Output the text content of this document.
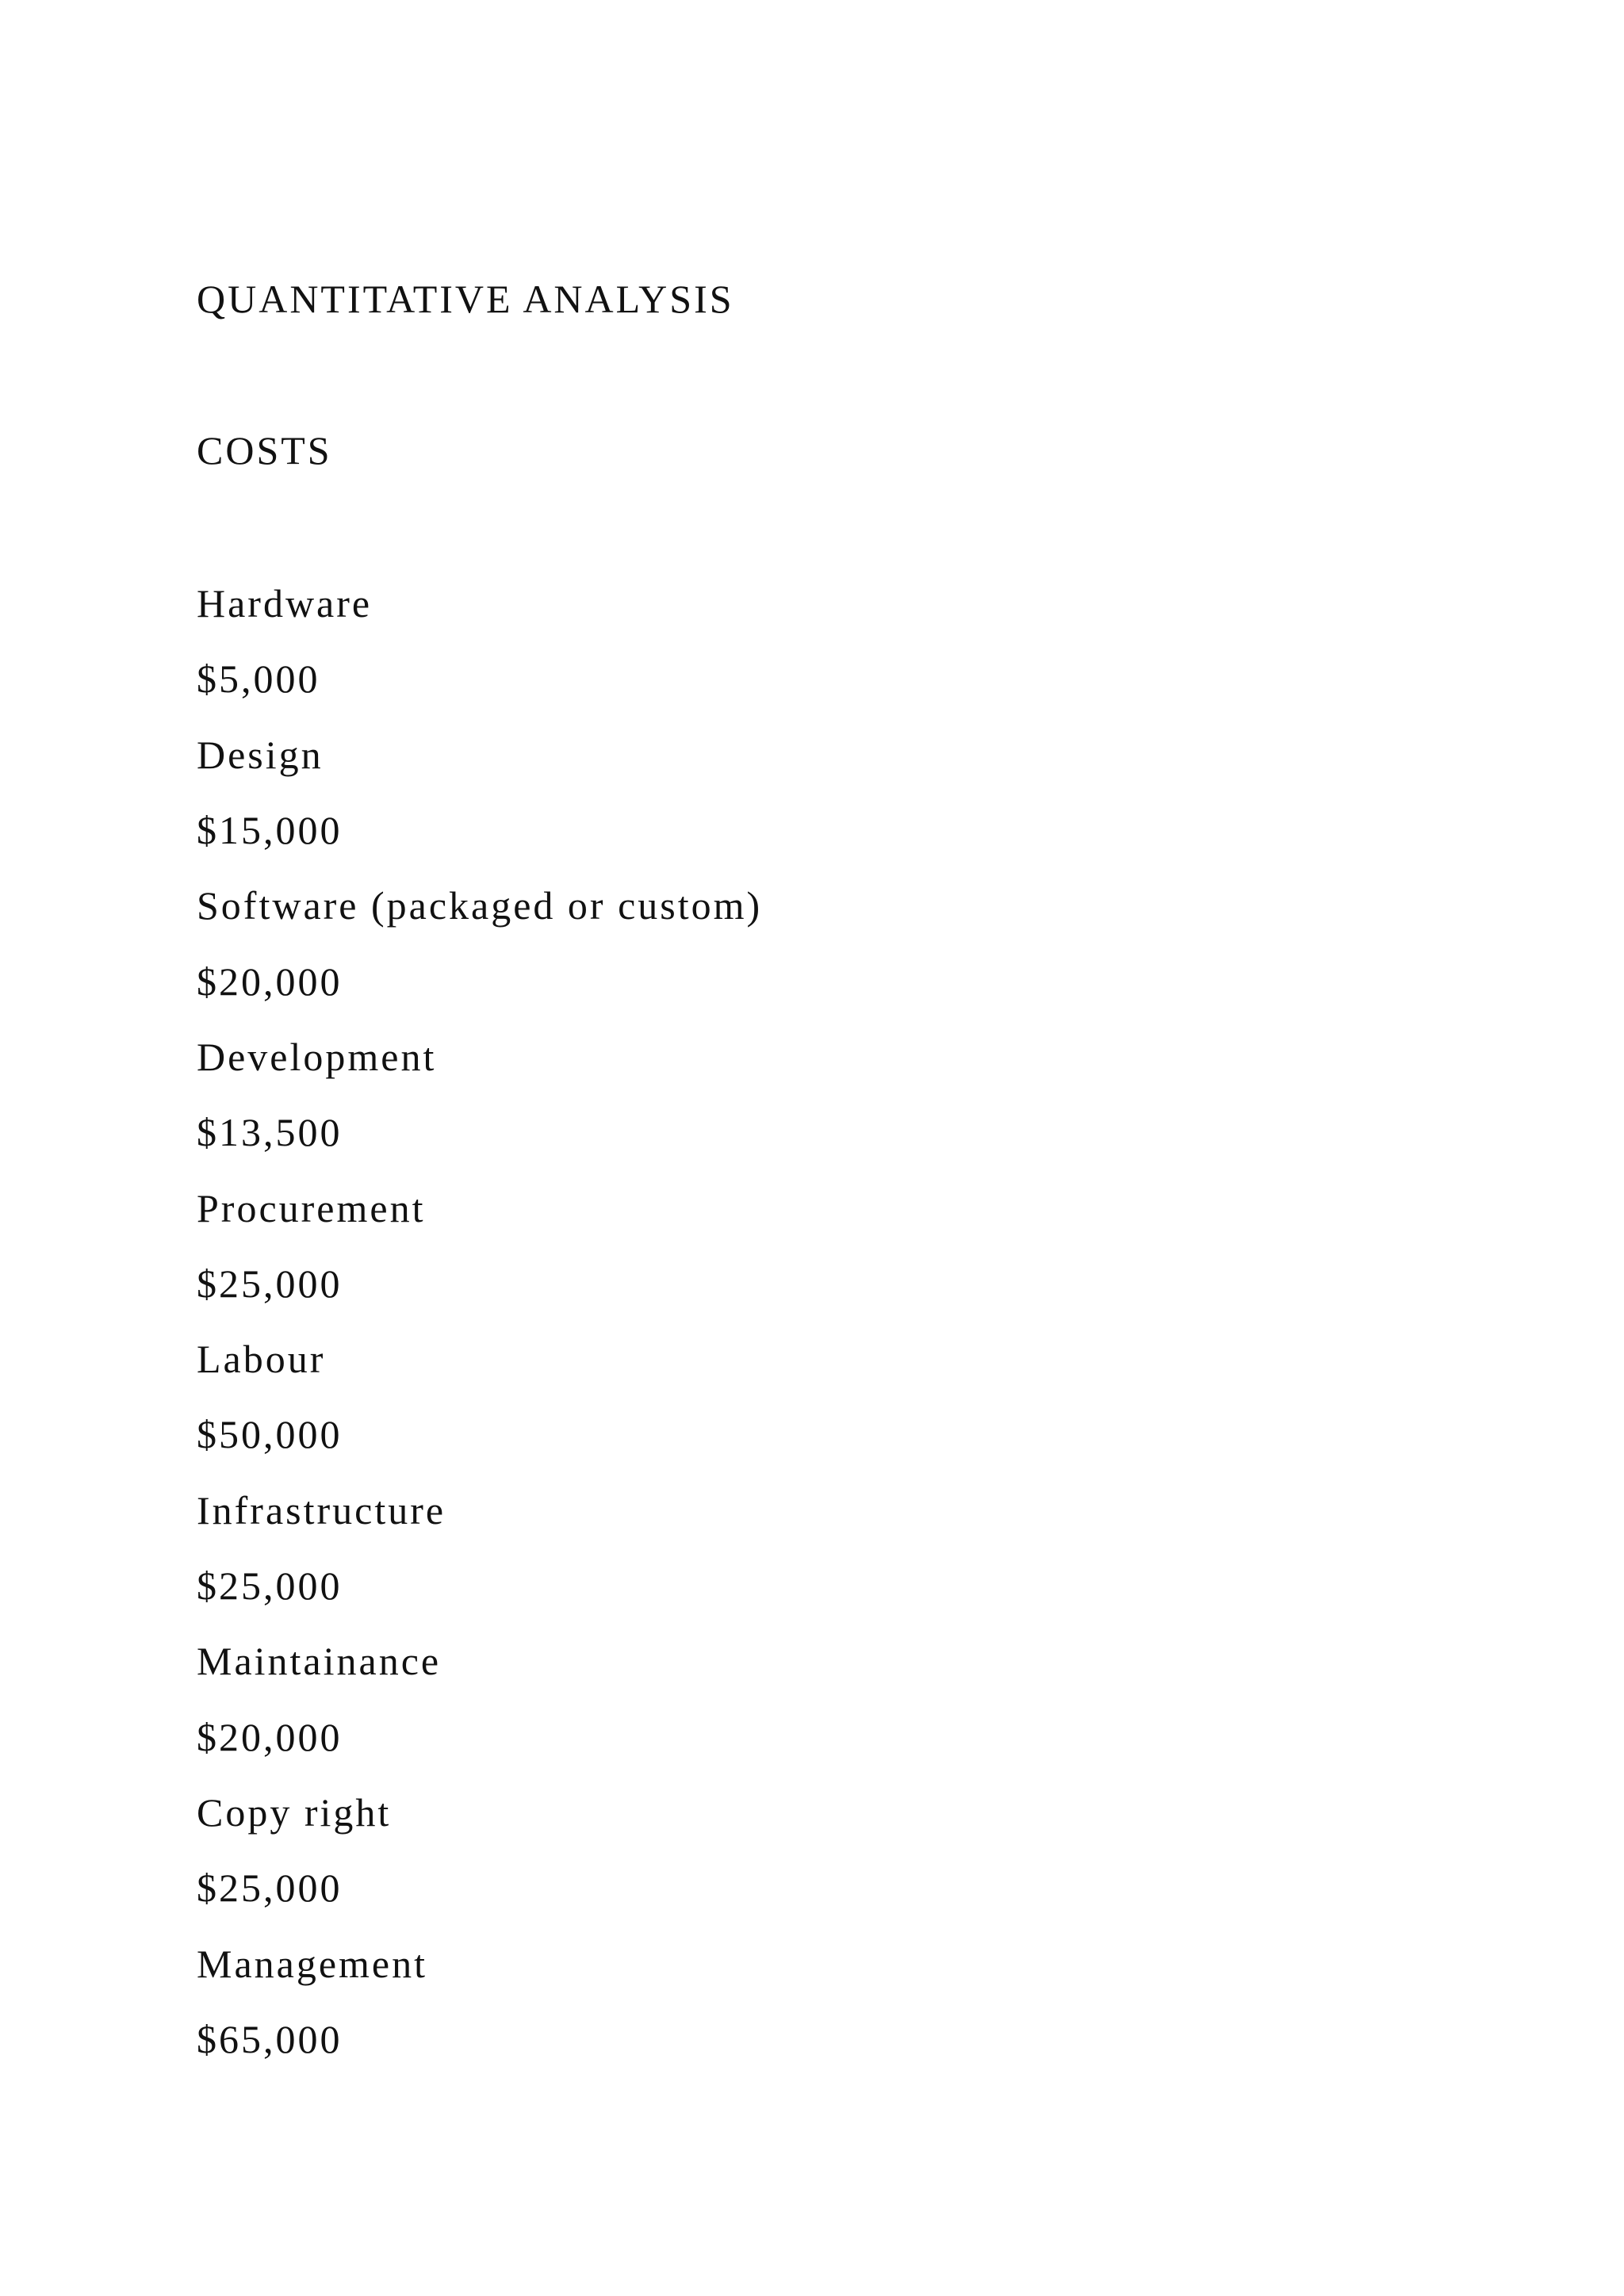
QUANTITATIVE ANALYSIS
COSTS
Hardware
$5,000
Design
$15,000
Software (packaged or custom)
$20,000
Development
$13,500
Procurement
$25,000
Labour
$50,000
Infrastructure
$25,000
Maintainance
$20,000
Copy right
$25,000
Management
$65,000
